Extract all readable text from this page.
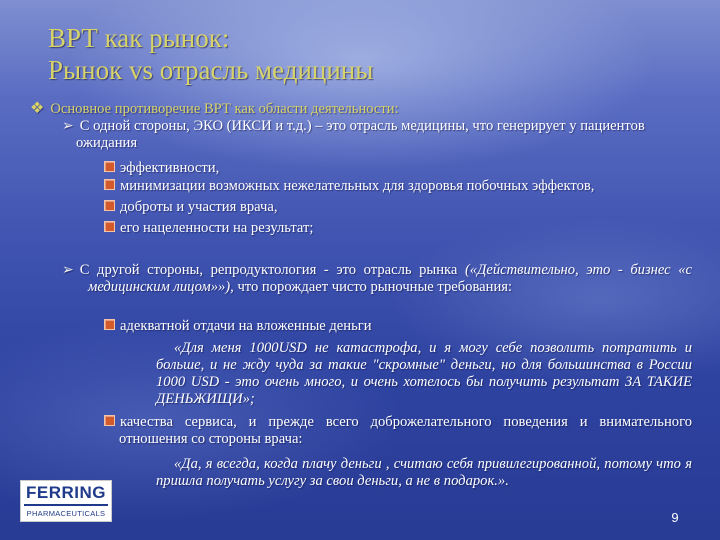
ВРТ как рынок:
Рынок vs отрасль медицины
❖ Основное противоречие ВРТ как области деятельности:
➢ С одной стороны, ЭКО (ИКСИ и т.д.) – это отрасль медицины, что генерирует у пациентов ожидания
эффективности,
минимизации возможных нежелательных для здоровья побочных эффектов,
доброты и участия врача,
его нацеленности на результат;
➢ С другой стороны, репродуктология - это отрасль рынка («Действительно, это - бизнес «с медицинским лицом»»), что порождает чисто рыночные требования:
адекватной отдачи на вложенные деньги
«Для меня 1000USD не катастрофа, и я могу себе позволить потратить и больше, и не жду чуда за такие "скромные" деньги, но для большинства в России 1000 USD - это очень много, и очень хотелось бы получить результат ЗА ТАКИЕ ДЕНЬЖИЩИ»;
качества сервиса, и прежде всего доброжелательного поведения и внимательного отношения со стороны врача:
«Да, я всегда, когда плачу деньги , считаю себя привилегированной, потому что я пришла получать услугу за свои деньги, а не в подарок.».
FERRING
PHARMACEUTICALS	9
